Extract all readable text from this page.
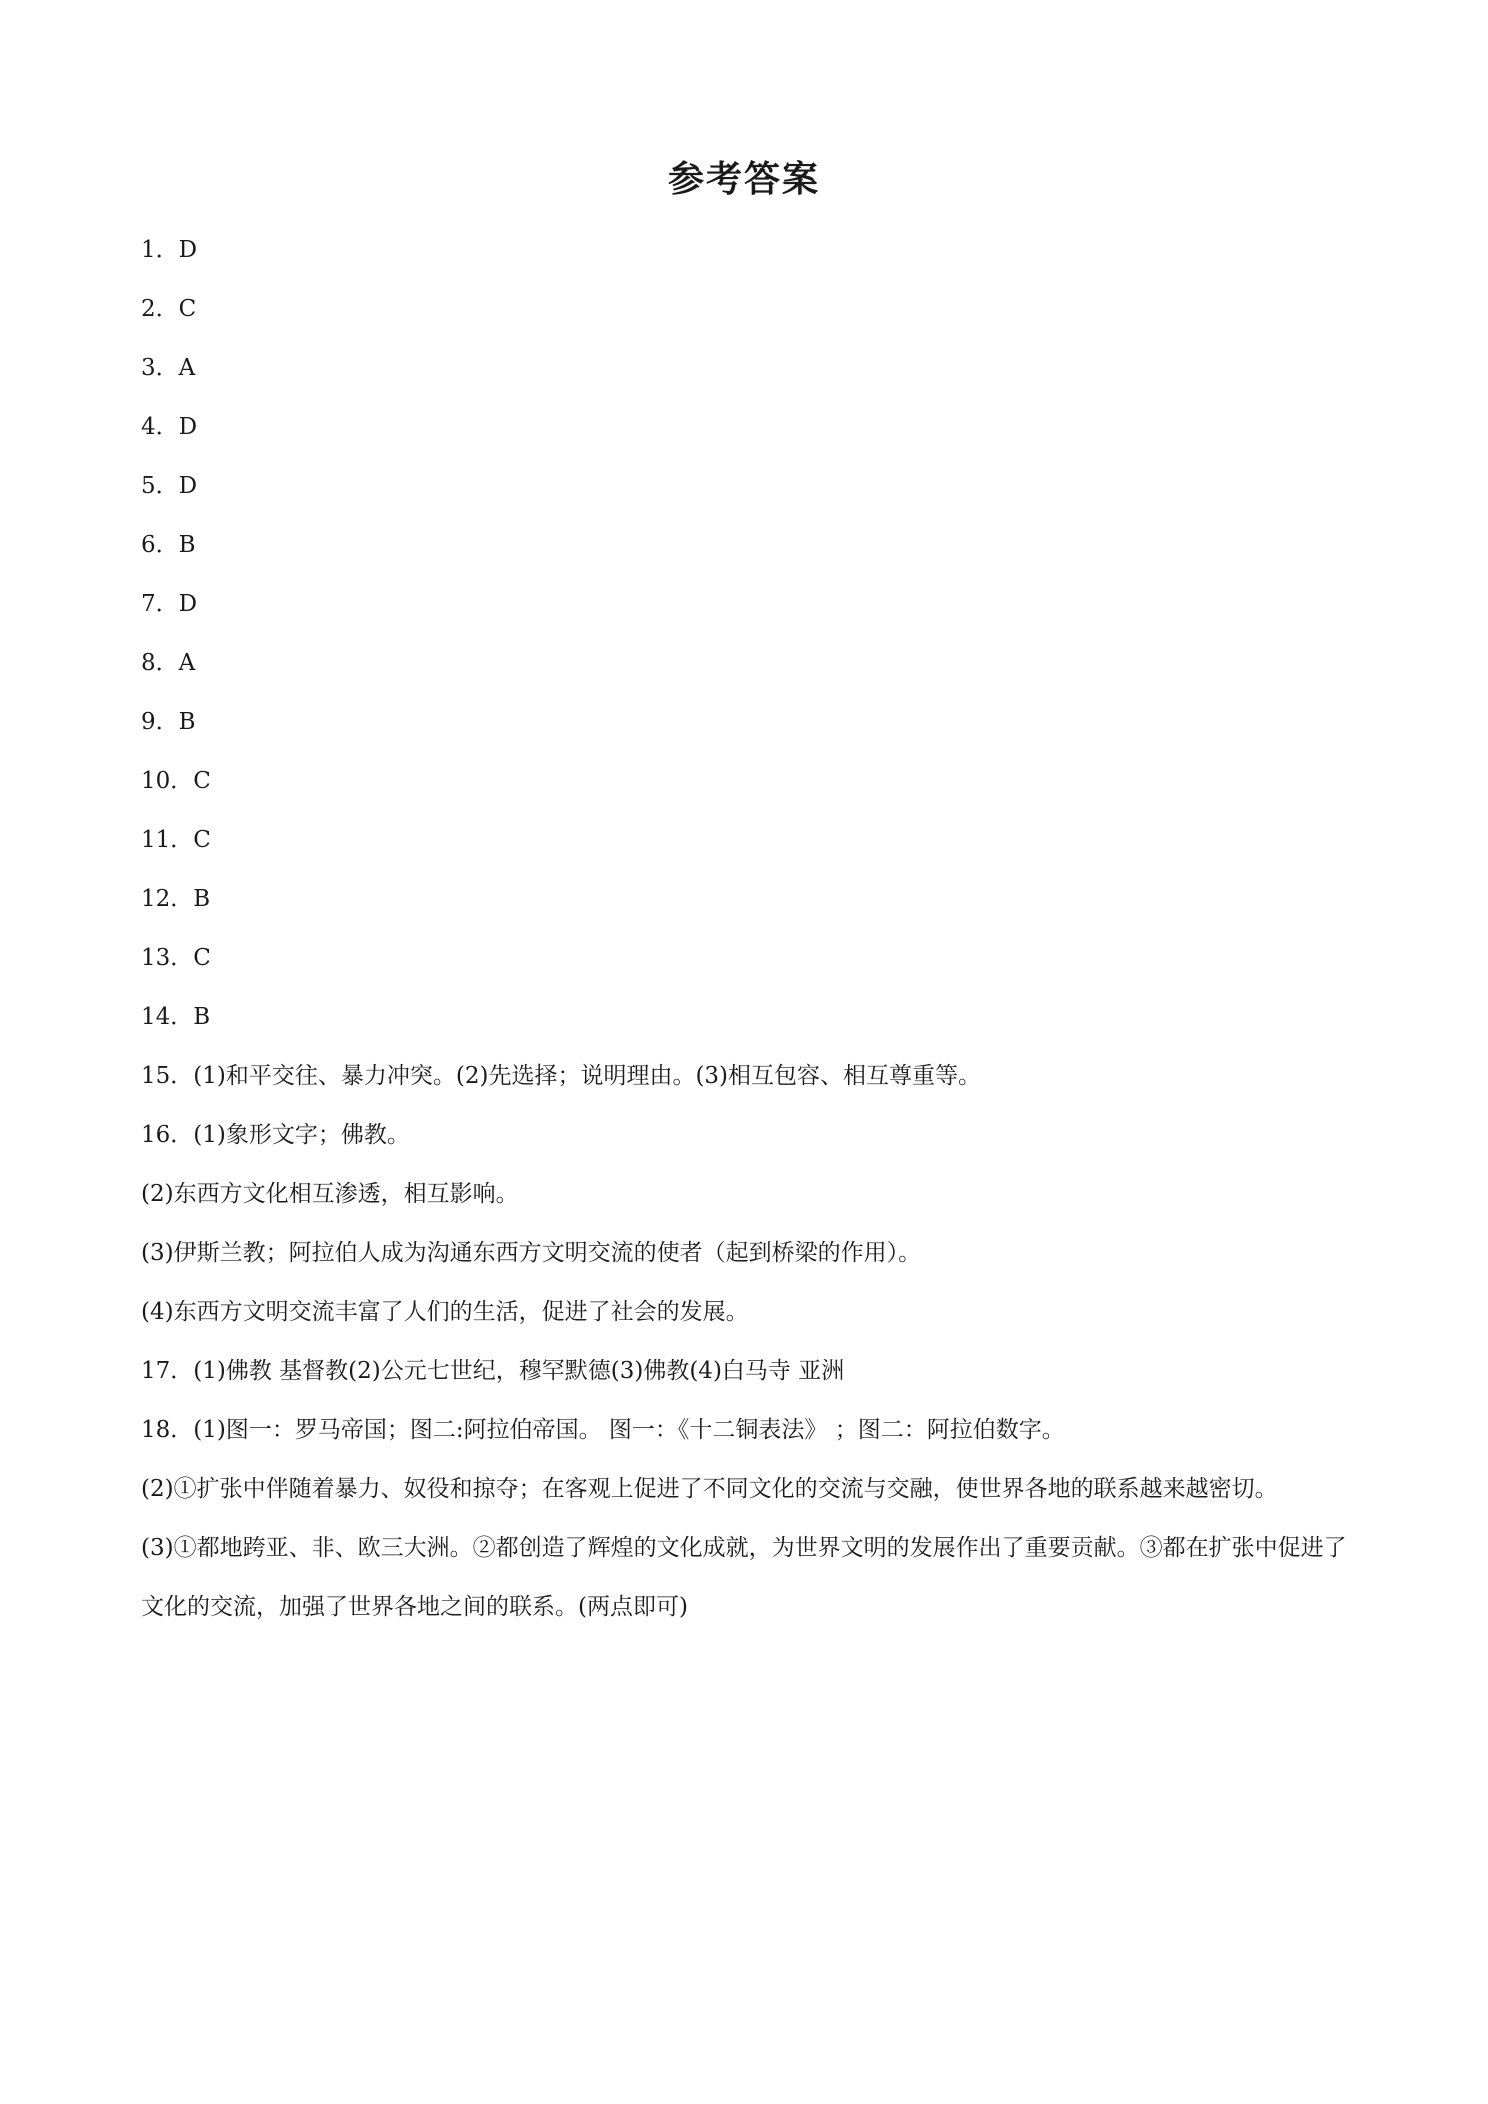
参考答案
1．D
2．C
3．A
4．D
5．D
6．B
7．D
8．A
9．B
10．C
11．C
12．B
13．C
14．B
15．(1)和平交往、暴力冲突。(2)先选择；说明理由。(3)相互包容、相互尊重等。
16．(1)象形文字；佛教。
(2)东西方文化相互渗透，相互影响。
(3)伊斯兰教；阿拉伯人成为沟通东西方文明交流的使者（起到桥梁的作用）。
(4)东西方文明交流丰富了人们的生活，促进了社会的发展。
17．(1)佛教 基督教(2)公元七世纪，穆罕默德(3)佛教(4)白马寺 亚洲
18．(1)图一：罗马帝国；图二:阿拉伯帝国。 图一：《十二铜表法》 ；图二：阿拉伯数字。
(2)①扩张中伴随着暴力、奴役和掠夺；在客观上促进了不同文化的交流与交融，使世界各地的联系越来越密切。
(3)①都地跨亚、非、欧三大洲。②都创造了辉煌的文化成就，为世界文明的发展作出了重要贡献。③都在扩张中促进了文化的交流，加强了世界各地之间的联系。(两点即可)
